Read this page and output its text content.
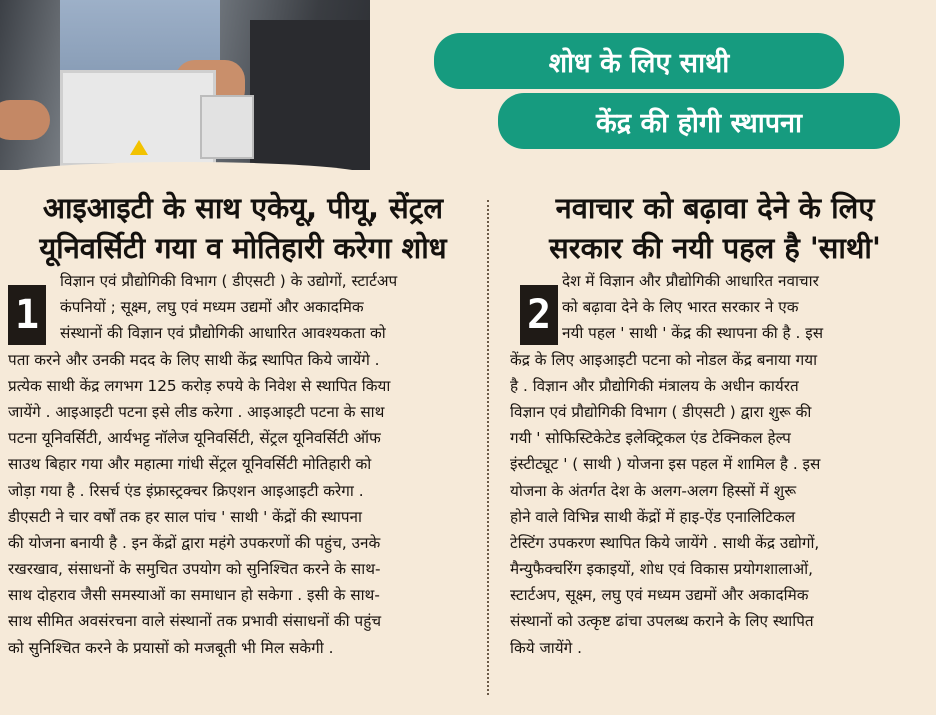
शोध के लिए साथी
केंद्र की होगी स्थापना
आइआइटी के साथ एकेयू, पीयू, सेंट्रल
यूनिवर्सिटी गया व मोतिहारी करेगा शोध
नवाचार को बढ़ावा देने के लिए
सरकार की नयी पहल है 'साथी'
1	2
विज्ञान एवं प्रौद्योगिकी विभाग ( डीएसटी ) के उद्योगों, स्टार्टअप
कंपनियों ; सूक्ष्म, लघु एवं मध्यम उद्यमों और अकादमिक
संस्थानों की विज्ञान एवं प्रौद्योगिकी आधारित आवश्यकता को
पता करने और उनकी मदद के लिए साथी केंद्र स्थापित किये जायेंगे .
प्रत्येक साथी केंद्र लगभग 125 करोड़ रुपये के निवेश से स्थापित किया
जायेंगे . आइआइटी पटना इसे लीड करेगा . आइआइटी पटना के साथ
पटना यूनिवर्सिटी, आर्यभट्ट नॉलेज यूनिवर्सिटी, सेंट्रल यूनिवर्सिटी ऑफ
साउथ बिहार गया और महात्मा गांधी सेंट्रल यूनिवर्सिटी मोतिहारी को
जोड़ा गया है . रिसर्च एंड इंफ्रास्ट्रक्चर क्रिएशन आइआइटी करेगा .
डीएसटी ने चार वर्षों तक हर साल पांच ' साथी ' केंद्रों की स्थापना
की योजना बनायी है . इन केंद्रों द्वारा महंगे उपकरणों की पहुंच, उनके
रखरखाव, संसाधनों के समुचित उपयोग को सुनिश्चित करने के साथ-
साथ दोहराव जैसी समस्याओं का समाधान हो सकेगा . इसी के साथ-
साथ सीमित अवसंरचना वाले संस्थानों तक प्रभावी संसाधनों की पहुंच
को सुनिश्चित करने के प्रयासों को मजबूती भी मिल सकेगी .
देश में विज्ञान और प्रौद्योगिकी आधारित नवाचार
को बढ़ावा देने के लिए भारत सरकार ने एक
नयी पहल ' साथी ' केंद्र की स्थापना की है . इस
केंद्र के लिए आइआइटी पटना को नोडल केंद्र बनाया गया
है . विज्ञान और प्रौद्योगिकी मंत्रालय के अधीन कार्यरत
विज्ञान एवं प्रौद्योगिकी विभाग ( डीएसटी ) द्वारा शुरू की
गयी ' सोफिस्टिकेटेड इलेक्ट्रिकल एंड टेक्निकल हेल्प
इंस्टीट्यूट ' ( साथी ) योजना इस पहल में शामिल है . इस
योजना के अंतर्गत देश के अलग-अलग हिस्सों में शुरू
होने वाले विभिन्न साथी केंद्रों में हाइ-ऐंड एनालिटिकल
टेस्टिंग उपकरण स्थापित किये जायेंगे . साथी केंद्र उद्योगों,
मैन्युफैक्चरिंग इकाइयों, शोध एवं विकास प्रयोगशालाओं,
स्टार्टअप, सूक्ष्म, लघु एवं मध्यम उद्यमों और अकादमिक
संस्थानों को उत्कृष्ट ढांचा उपलब्ध कराने के लिए स्थापित
किये जायेंगे .
